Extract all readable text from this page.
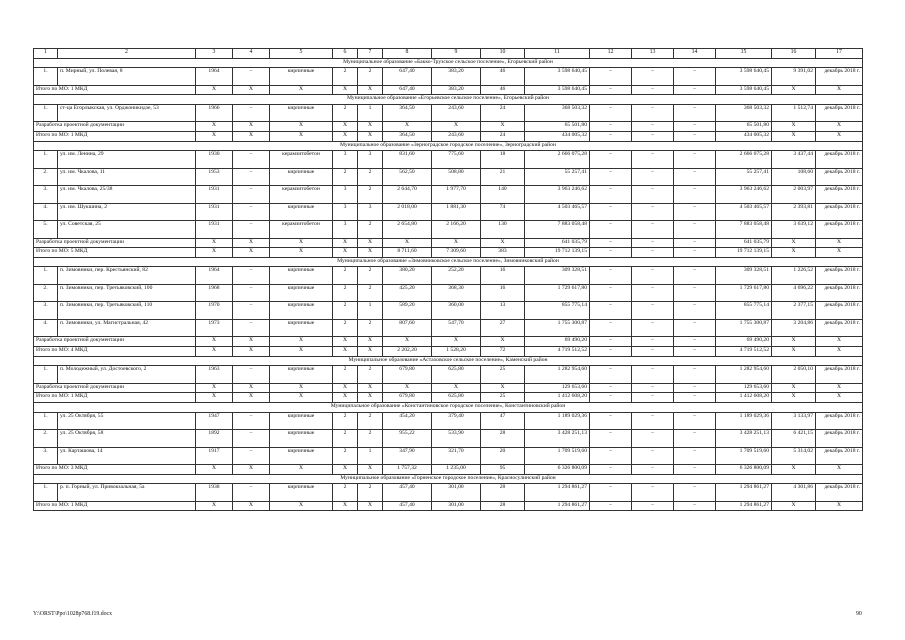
1	2	3	4	5	6	7	8	9	10	11	12	13	14	15	16	17
Муниципальное образование «Бакко-Трузское сельское поселение», Егорьевский район																
1.	п. Мирный, ул. Полевая, 8	1964	–	кирпичные	2	2	647,40	383,20	46	3 598 640,45	–	–	–	3 598 640,45	9 391,02	декабрь 2018 г.
Итого по МО: 1 МКД		X	X	X	X	X	647,40	383,20	46	3 598 640,45	–	–	–	3 598 640,45	X	X
Муниципальное образование «Егорьевское сельское поселение», Егорьевский район																
1.	ст-ца Егорлыкская, ул. Орджоникидзе, 53	1966	–	кирпичные	2	1	364,50	243,60	24	368 503,32	–	–	–	368 503,32	1 512,74	декабрь 2018 г.
Разработка проектной документации		X	X	X	X	X	X	X	X	65 501,80	–	–	–	65 501,80	X	X
Итого по МО: 1 МКД		X	X	X	X	X	364,50	243,60	24	434 005,32	–	–	–	434 005,32	X	X
Муниципальное образование «Зерноградское городское поселение», Зерноградский район																
1.	ул. им. Ленина, 29	1930	–	керамзитобетон	3	3	831,60	775,60	18	2 666 075,28	–	–	–	2 666 075,28	3 437,44	декабрь 2018 г.
2.	ул. им. Чкалова, 11	1953	–	кирпичные	2	2	562,50	508,80	21	55 257,41	–	–	–	55 257,41	108,60	декабрь 2018 г.
3.	ул. им. Чкалова, 25/38	1931	–	керамзитобетон	3	2	2 644,70	1 977,70	140	3 963 246,62	–	–	–	3 963 246,62	2 003,97	декабрь 2018 г.
4.	ул. им. Шукшина, 2	1931	–	кирпичные	3	3	2 018,00	1 881,30	74	4 503 465,57	–	–	–	4 503 465,57	2 393,81	декабрь 2018 г.
5.	ул. Советская, 25	1931	–	керамзитобетон	3	2	2 654,80	2 166,20	130	7 883 058,48	–	–	–	7 883 058,48	3 639,12	декабрь 2018 г.
Разработка проектной документации		X	X	X	X	X	X	X	X	641 035,79	–	–	–	641 035,79	X	X
Итого по МО: 5 МКД		X	X	X	X	X	8 711,60	7 309,60	383	19 712 139,15	–	–	–	19 712 139,15	X	X
Муниципальное образование «Зимовниковское сельское поселение», Зимовниковский район																
1.	п. Зимовники, пер. Крестьянский, 82	1964	–	кирпичные	2	2	380,20	252,20	16	309 328,51	–	–	–	309 328,51	1 226,52	декабрь 2018 г.
2.	п. Зимовники, пер. Третьяковский, 100	1968	–	кирпичные	2	2	425,20	368,30	16	1 729 617,80	–	–	–	1 729 617,80	4 696,22	декабрь 2018 г.
3.	п. Зимовники, пер. Третьяковский, 110	1970	–	кирпичные	2	1	589,20	360,00	13	855 775,14	–	–	–	855 775,14	2 377,15	декабрь 2018 г.
4.	п. Зимовники, ул. Магистральная, 42	1973	–	кирпичные	2	2	807,60	547,70	27	1 755 300,87	–	–	–	1 755 300,87	3 204,86	декабрь 2018 г.
Разработка проектной документации		X	X	X	X	X	X	X	X	69 490,20	–	–	–	69 490,20	X	X
Итого по МО: 4 МКД		X	X	X	X	X	2 202,20	1 528,20	72	4 719 512,52	–	–	–	4 719 512,52	X	X
Муниципальное образование «Астаховское сельское поселение», Каменский район																
1.	п. Молодежный, ул. Достоевского, 2	1963	–	кирпичные	2	2	679,80	625,80	25	1 282 954,60	–	–	–	1 282 954,60	2 050,10	декабрь 2018 г.
Разработка проектной документации		X	X	X	X	X	X	X	X	129 653,60	–	–	–	129 653,60	X	X
Итого по МО: 1 МКД		X	X	X	X	X	679,80	625,80	25	1 412 608,20	–	–	–	1 412 608,20	X	X
Муниципальное образование «Константиновское городское поселение», Константиновский район																
1.	ул. 25 Октября, 55	1947	–	кирпичные	2	2	454,20	379,40	47	1 189 029,36	–	–	–	1 189 029,36	3 133,97	декабрь 2018 г.
2.	ул. 25 Октября, 58	1892	–	кирпичные	2	2	955,22	533,90	28	3 428 251,13	–	–	–	3 428 251,13	6 421,15	декабрь 2018 г.
3.	ул. Карташова, 14	1917	–	кирпичные	2	1	347,90	321,70	20	1 709 519,60	–	–	–	1 709 519,60	5 314,02	декабрь 2018 г.
Итого по МО: 3 МКД		X	X	X	X	X	1 757,32	1 235,00	95	6 326 800,09	–	–	–	6 326 800,09	X	X
Муниципальное образование «Горненское городское поселение», Красносулинский район																
1.	р. п. Горный, ул. Привокзальная, 5а	1938	–	кирпичные	2	2	457,40	301,00	28	1 294 861,27	–	–	–	1 294 861,27	4 301,86	декабрь 2018 г.
Итого по МО: 1 МКД		X	X	X	X	X	457,40	301,00	28	1 294 861,27	–	–	–	1 294 861,27	X	X
Y:\ORST\Ppo\1028p768.f19.docx	90
